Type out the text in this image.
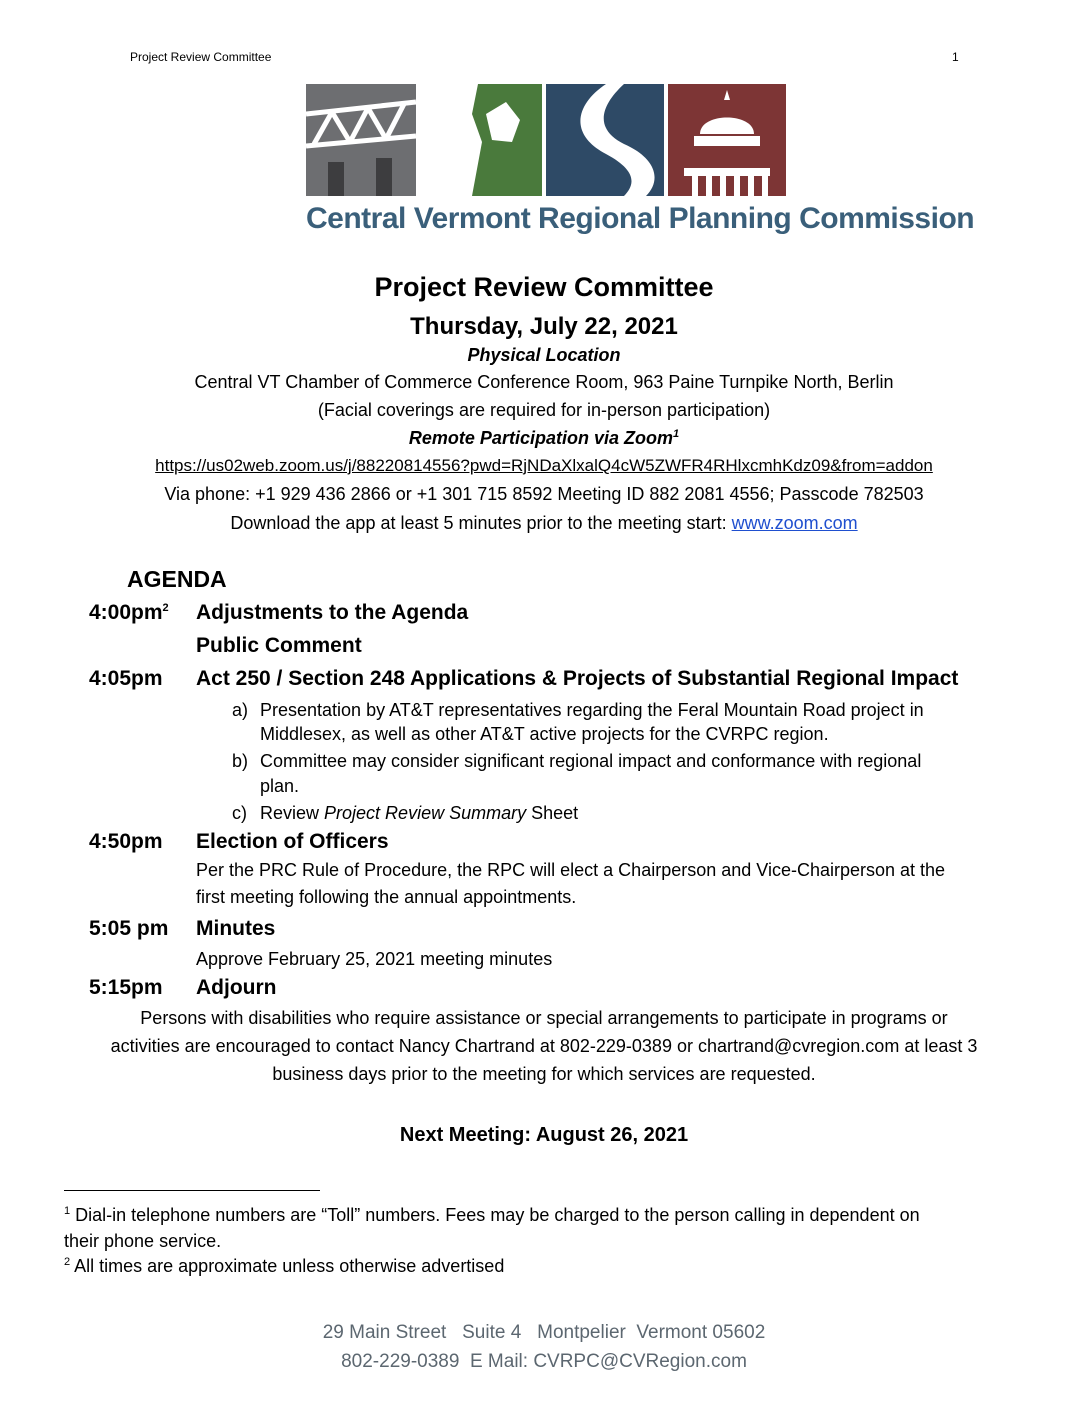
Project Review Committee	1
Central Vermont Regional Planning Commission
Project Review Committee
Thursday, July 22, 2021
Physical Location
Central VT Chamber of Commerce Conference Room, 963 Paine Turnpike North, Berlin
(Facial coverings are required for in-person participation)
Remote Participation via Zoom$^1$
https://us02web.zoom.us/j/88220814556?pwd=RjNDaXlxalQ4cW5ZWFR4RHlxcmhKdz09&from=addon
Via phone: +1 929 436 2866 or +1 301 715 8592 Meeting ID 882 2081 4556; Passcode 782503
Download the app at least 5 minutes prior to the meeting start: www.zoom.com
AGENDA
$4:00pm^2$ Adjustments to the Agenda
Public Comment
4:05pm Act 250 / Section 248 Applications & Projects of Substantial Regional Impact
a) Presentation by AT&T representatives regarding the Feral Mountain Road project in
Middlesex, as well as other AT&T active projects for the CVRPC region.
b) Committee may consider significant regional impact and conformance with regional
plan.
c) Review Project Review Summary Sheet
4:50pm Election of Officers
Per the PRC Rule of Procedure, the RPC will elect a Chairperson and Vice-Chairperson at the
first meeting following the annual appointments.
5:05 pm Minutes
Approve February 25, 2021 meeting minutes
5:15pm Adjourn
Persons with disabilities who require assistance or special arrangements to participate in programs or
activities are encouraged to contact Nancy Chartrand at 802-229-0389 or chartrand@cvregion.com at least 3
business days prior to the meeting for which services are requested.
Next Meeting: August 26, 2021
$^1$ Dial-in telephone numbers are “Toll” numbers. Fees may be charged to the person calling in dependent on
their phone service.
$^2$ All times are approximate unless otherwise advertised
29 Main Street   Suite 4   Montpelier  Vermont 05602
802-229-0389  E Mail: CVRPC@CVRegion.com
